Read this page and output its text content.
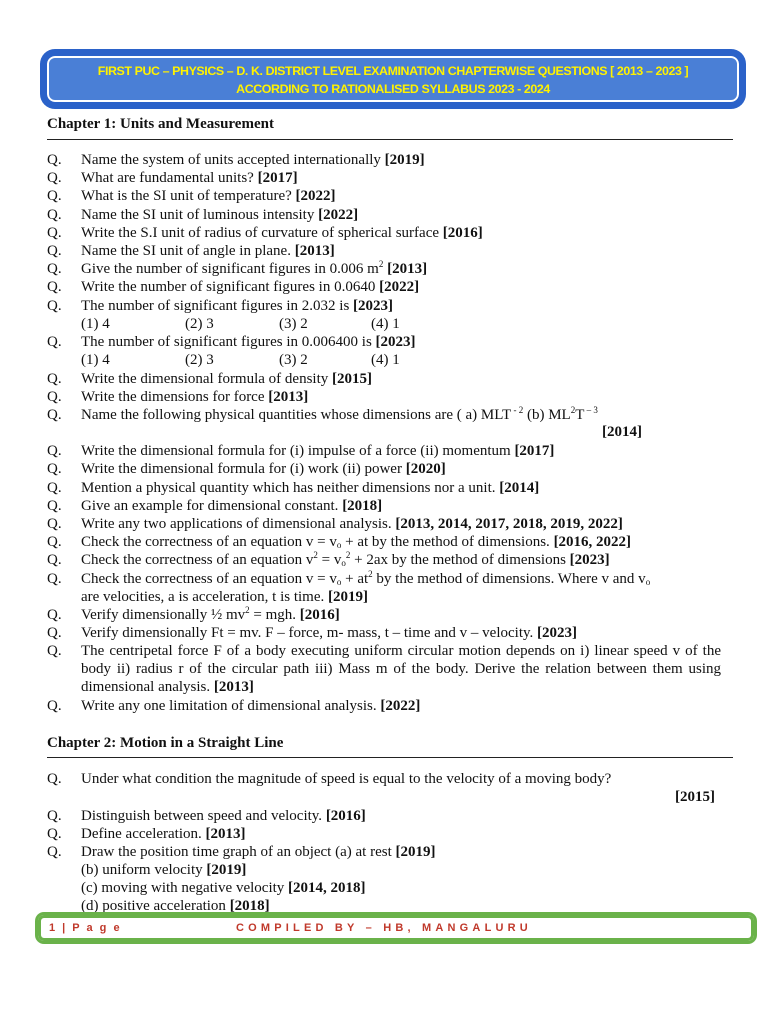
FIRST PUC – PHYSICS – D. K. DISTRICT LEVEL EXAMINATION CHAPTERWISE QUESTIONS [ 2013 – 2023 ]
ACCORDING TO RATIONALISED SYLLABUS 2023 - 2024
Chapter 1: Units and Measurement
Q. Name the system of units accepted internationally [2019]
Q. What are fundamental units? [2017]
Q. What is the SI unit of temperature? [2022]
Q. Name the SI unit of luminous intensity [2022]
Q. Write the S.I unit of radius of curvature of spherical surface [2016]
Q. Name the SI unit of angle in plane. [2013]
Q. Give the number of significant figures in 0.006 $m^2$ [2013]
Q. Write the number of significant figures in 0.0640 [2022]
Q. The number of significant figures in 2.032 is [2023]
(1) 4	(2) 3	(3) 2	(4) 1
Q. The number of significant figures in 0.006400 is [2023]
(1) 4	(2) 3	(3) 2	(4) 1
Q. Write the dimensional formula of density [2015]
Q. Write the dimensions for force [2013]
Q. Name the following physical quantities whose dimensions are ( a) MLT $^{- 2}$ (b) $ML^2T$ $^{- 3}$
[2014]
Q. Write the dimensional formula for (i) impulse of a force (ii) momentum [2017]
Q. Write the dimensional formula for (i) work (ii) power [2020]
Q. Mention a physical quantity which has neither dimensions nor a unit. [2014]
Q. Give an example for dimensional constant. [2018]
Q. Write any two applications of dimensional analysis. [2013, 2014, 2017, 2018, 2019, 2022]
Q. Check the correctness of an equation $v = v_o$ + at by the method of dimensions. [2016, 2022]
Q. Check the correctness of an equation $v^2 = v_o^2 + 2ax$ by the method of dimensions [2023]
Q. Check the correctness of an equation $v = v_o + at^2$ by the method of dimensions. Where v and $v_o$
are velocities, a is acceleration, t is time. [2019]
Q. Verify dimensionally ½ $mv^2$ = mgh. [2016]
Q. Verify dimensionally Ft = mv. F – force, m- mass, t – time and v – velocity. [2023]
Q. The centripetal force F of a body executing uniform circular motion depends on i) linear speed v of the body ii) radius r of the circular path iii) Mass m of the body. Derive the relation between them using dimensional analysis. [2013]
Q. Write any one limitation of dimensional analysis. [2022]
Chapter 2: Motion in a Straight Line
Q. Under what condition the magnitude of speed is equal to the velocity of a moving body?
[2015]
Q. Distinguish between speed and velocity. [2016]
Q. Define acceleration. [2013]
Q. Draw the position time graph of an object (a) at rest [2019]
(b) uniform velocity [2019]
(c) moving with negative velocity [2014, 2018]
(d) positive acceleration [2018]
1 | P a g e	COMPILED BY – HB, MANGALURU
